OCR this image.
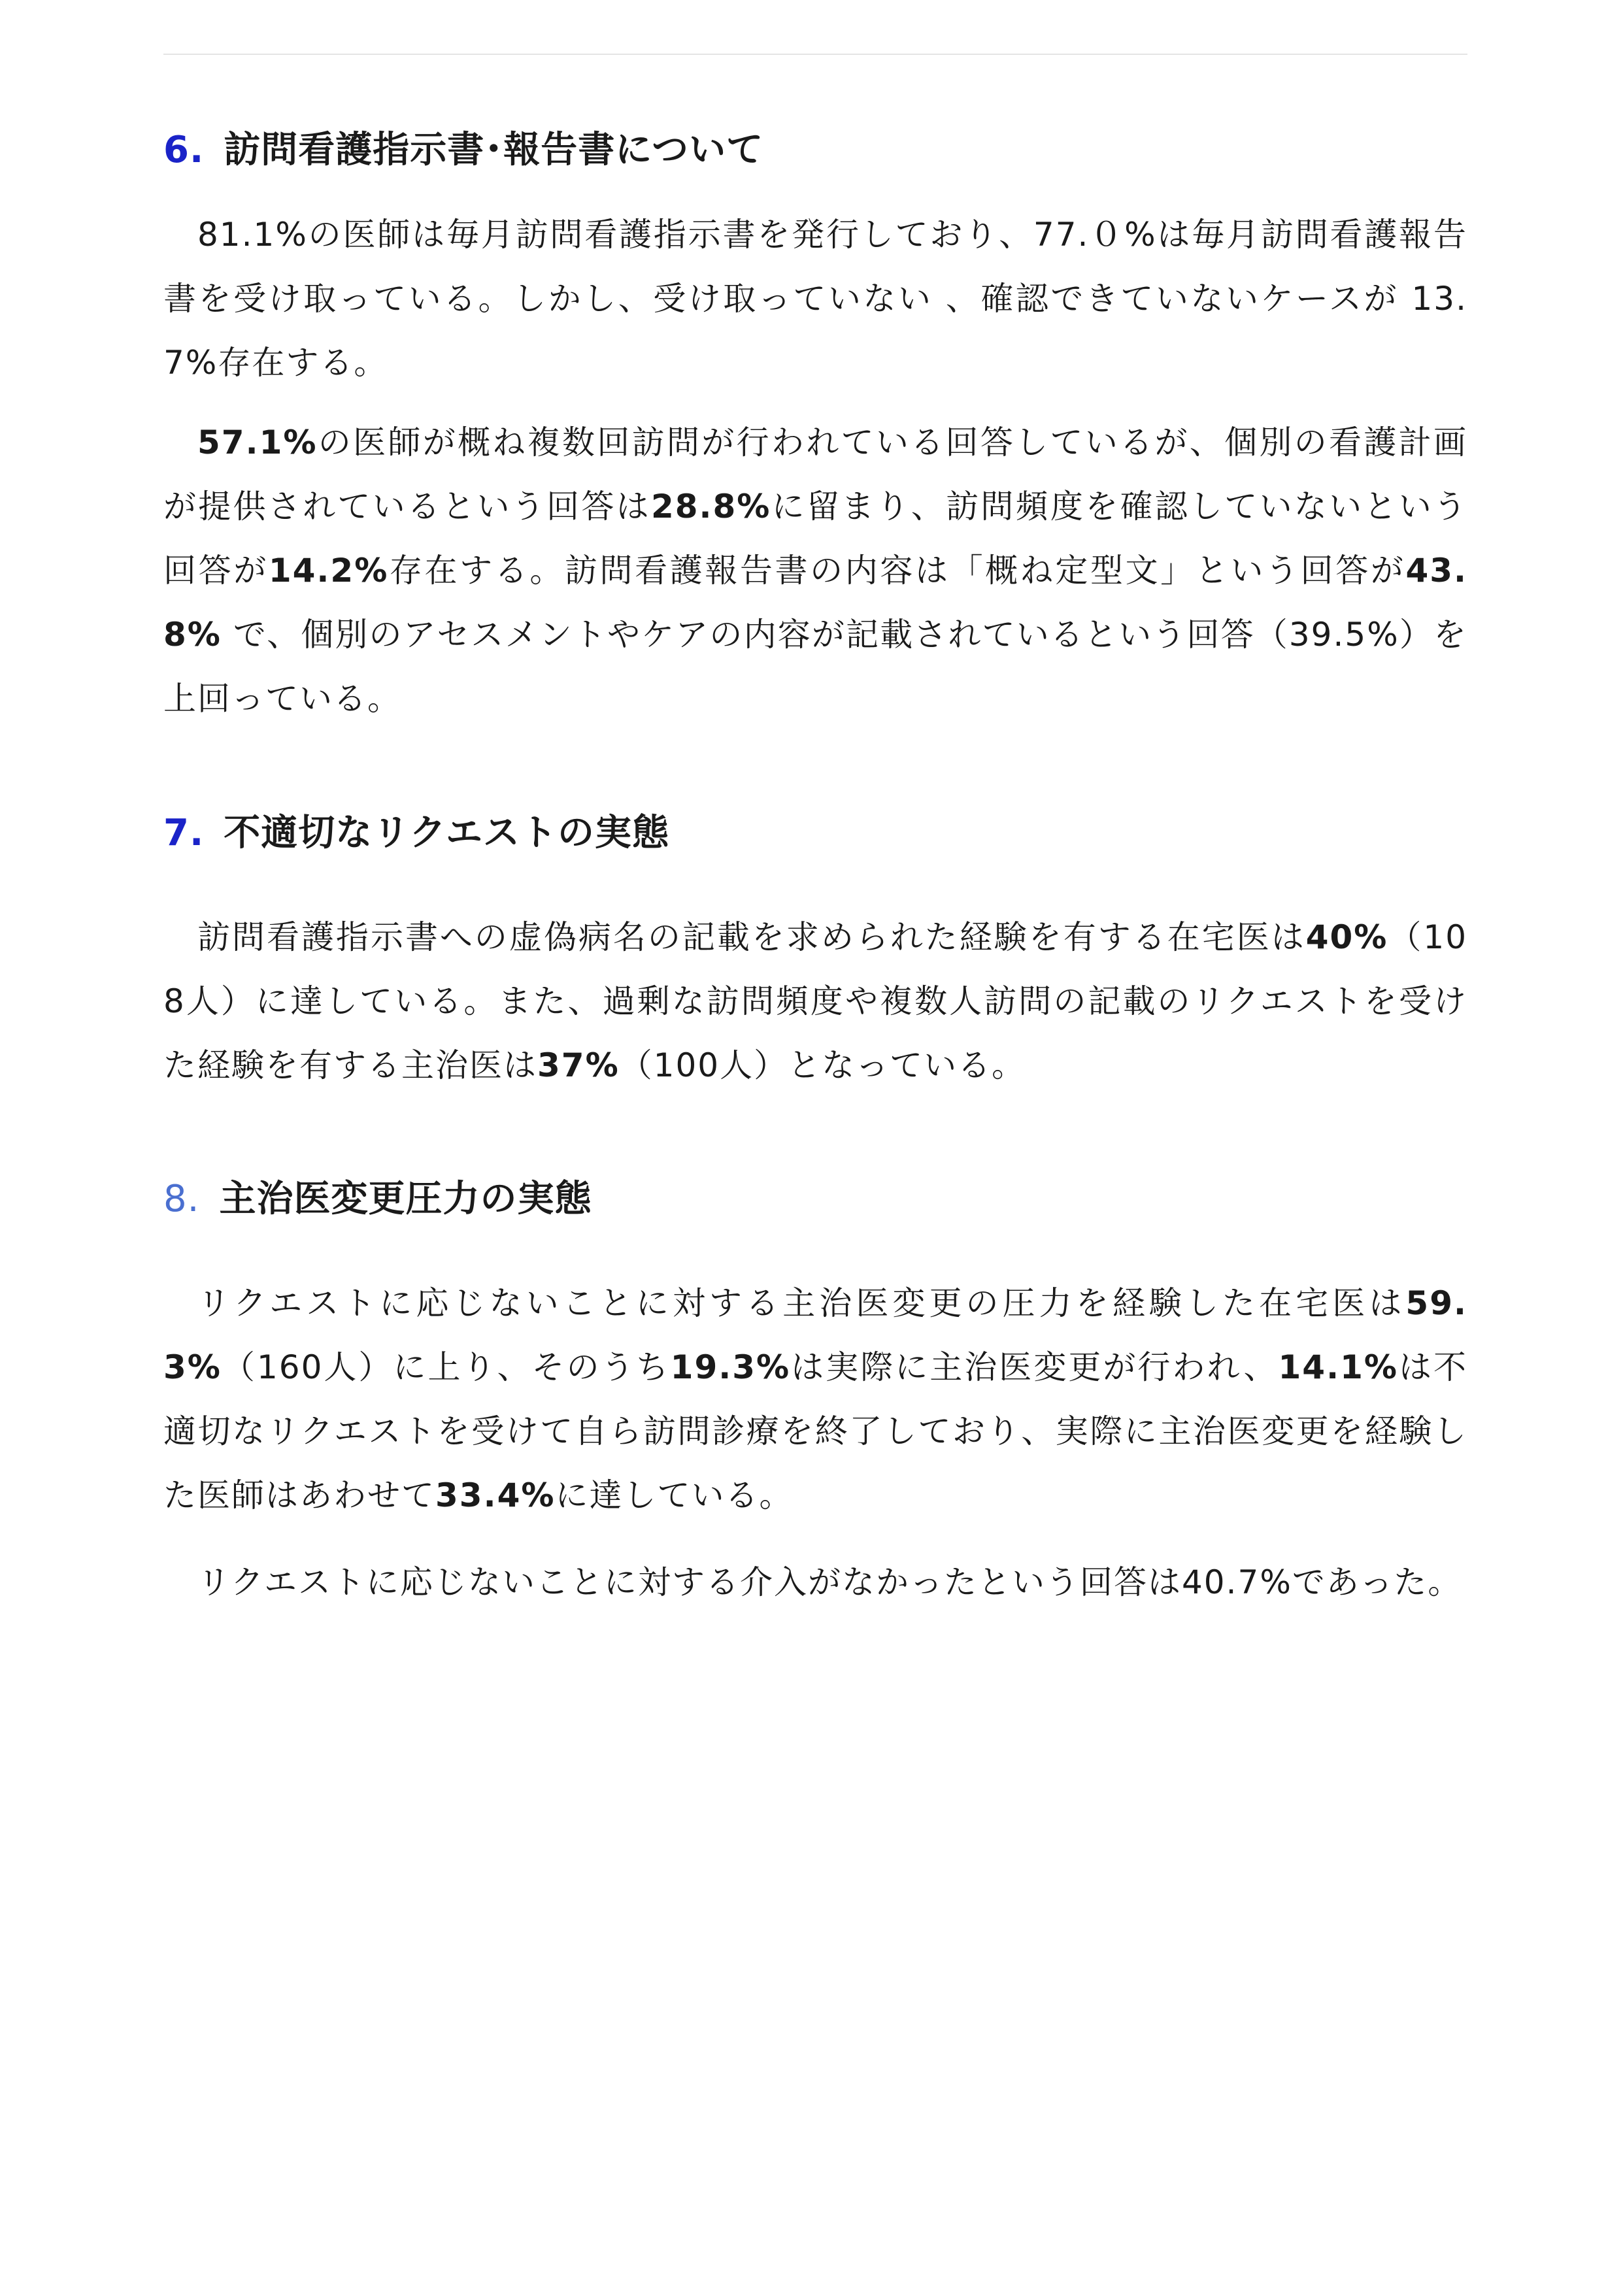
6. 訪問看護指示書･報告書について

81.1%の医師は毎月訪問看護指示書を発行しており、77.０%は毎月訪問看護報告書を受け取っている。しかし、受け取っていない 、確認できていないケースが 13.7%存在する。

57.1%の医師が概ね複数回訪問が行われている回答しているが、個別の看護計画が提供されているという回答は28.8%に留まり、訪問頻度を確認していないという回答が14.2%存在する。訪問看護報告書の内容は「概ね定型文」という回答が43.8% で、個別のアセスメントやケアの内容が記載されているという回答（39.5%）を上回っている。

7. 不適切なリクエストの実態

訪問看護指示書への虚偽病名の記載を求められた経験を有する在宅医は40%（108人）に達している。また、過剰な訪問頻度や複数人訪問の記載のリクエストを受けた経験を有する主治医は37%（100人）となっている。

8. 主治医変更圧力の実態

リクエストに応じないことに対する主治医変更の圧力を経験した在宅医は59.3%（160人）に上り、そのうち19.3%は実際に主治医変更が行われ、14.1%は不適切なリクエストを受けて自ら訪問診療を終了しており、実際に主治医変更を経験した医師はあわせて33.4%に達している。

リクエストに応じないことに対する介入がなかったという回答は40.7%であった。
